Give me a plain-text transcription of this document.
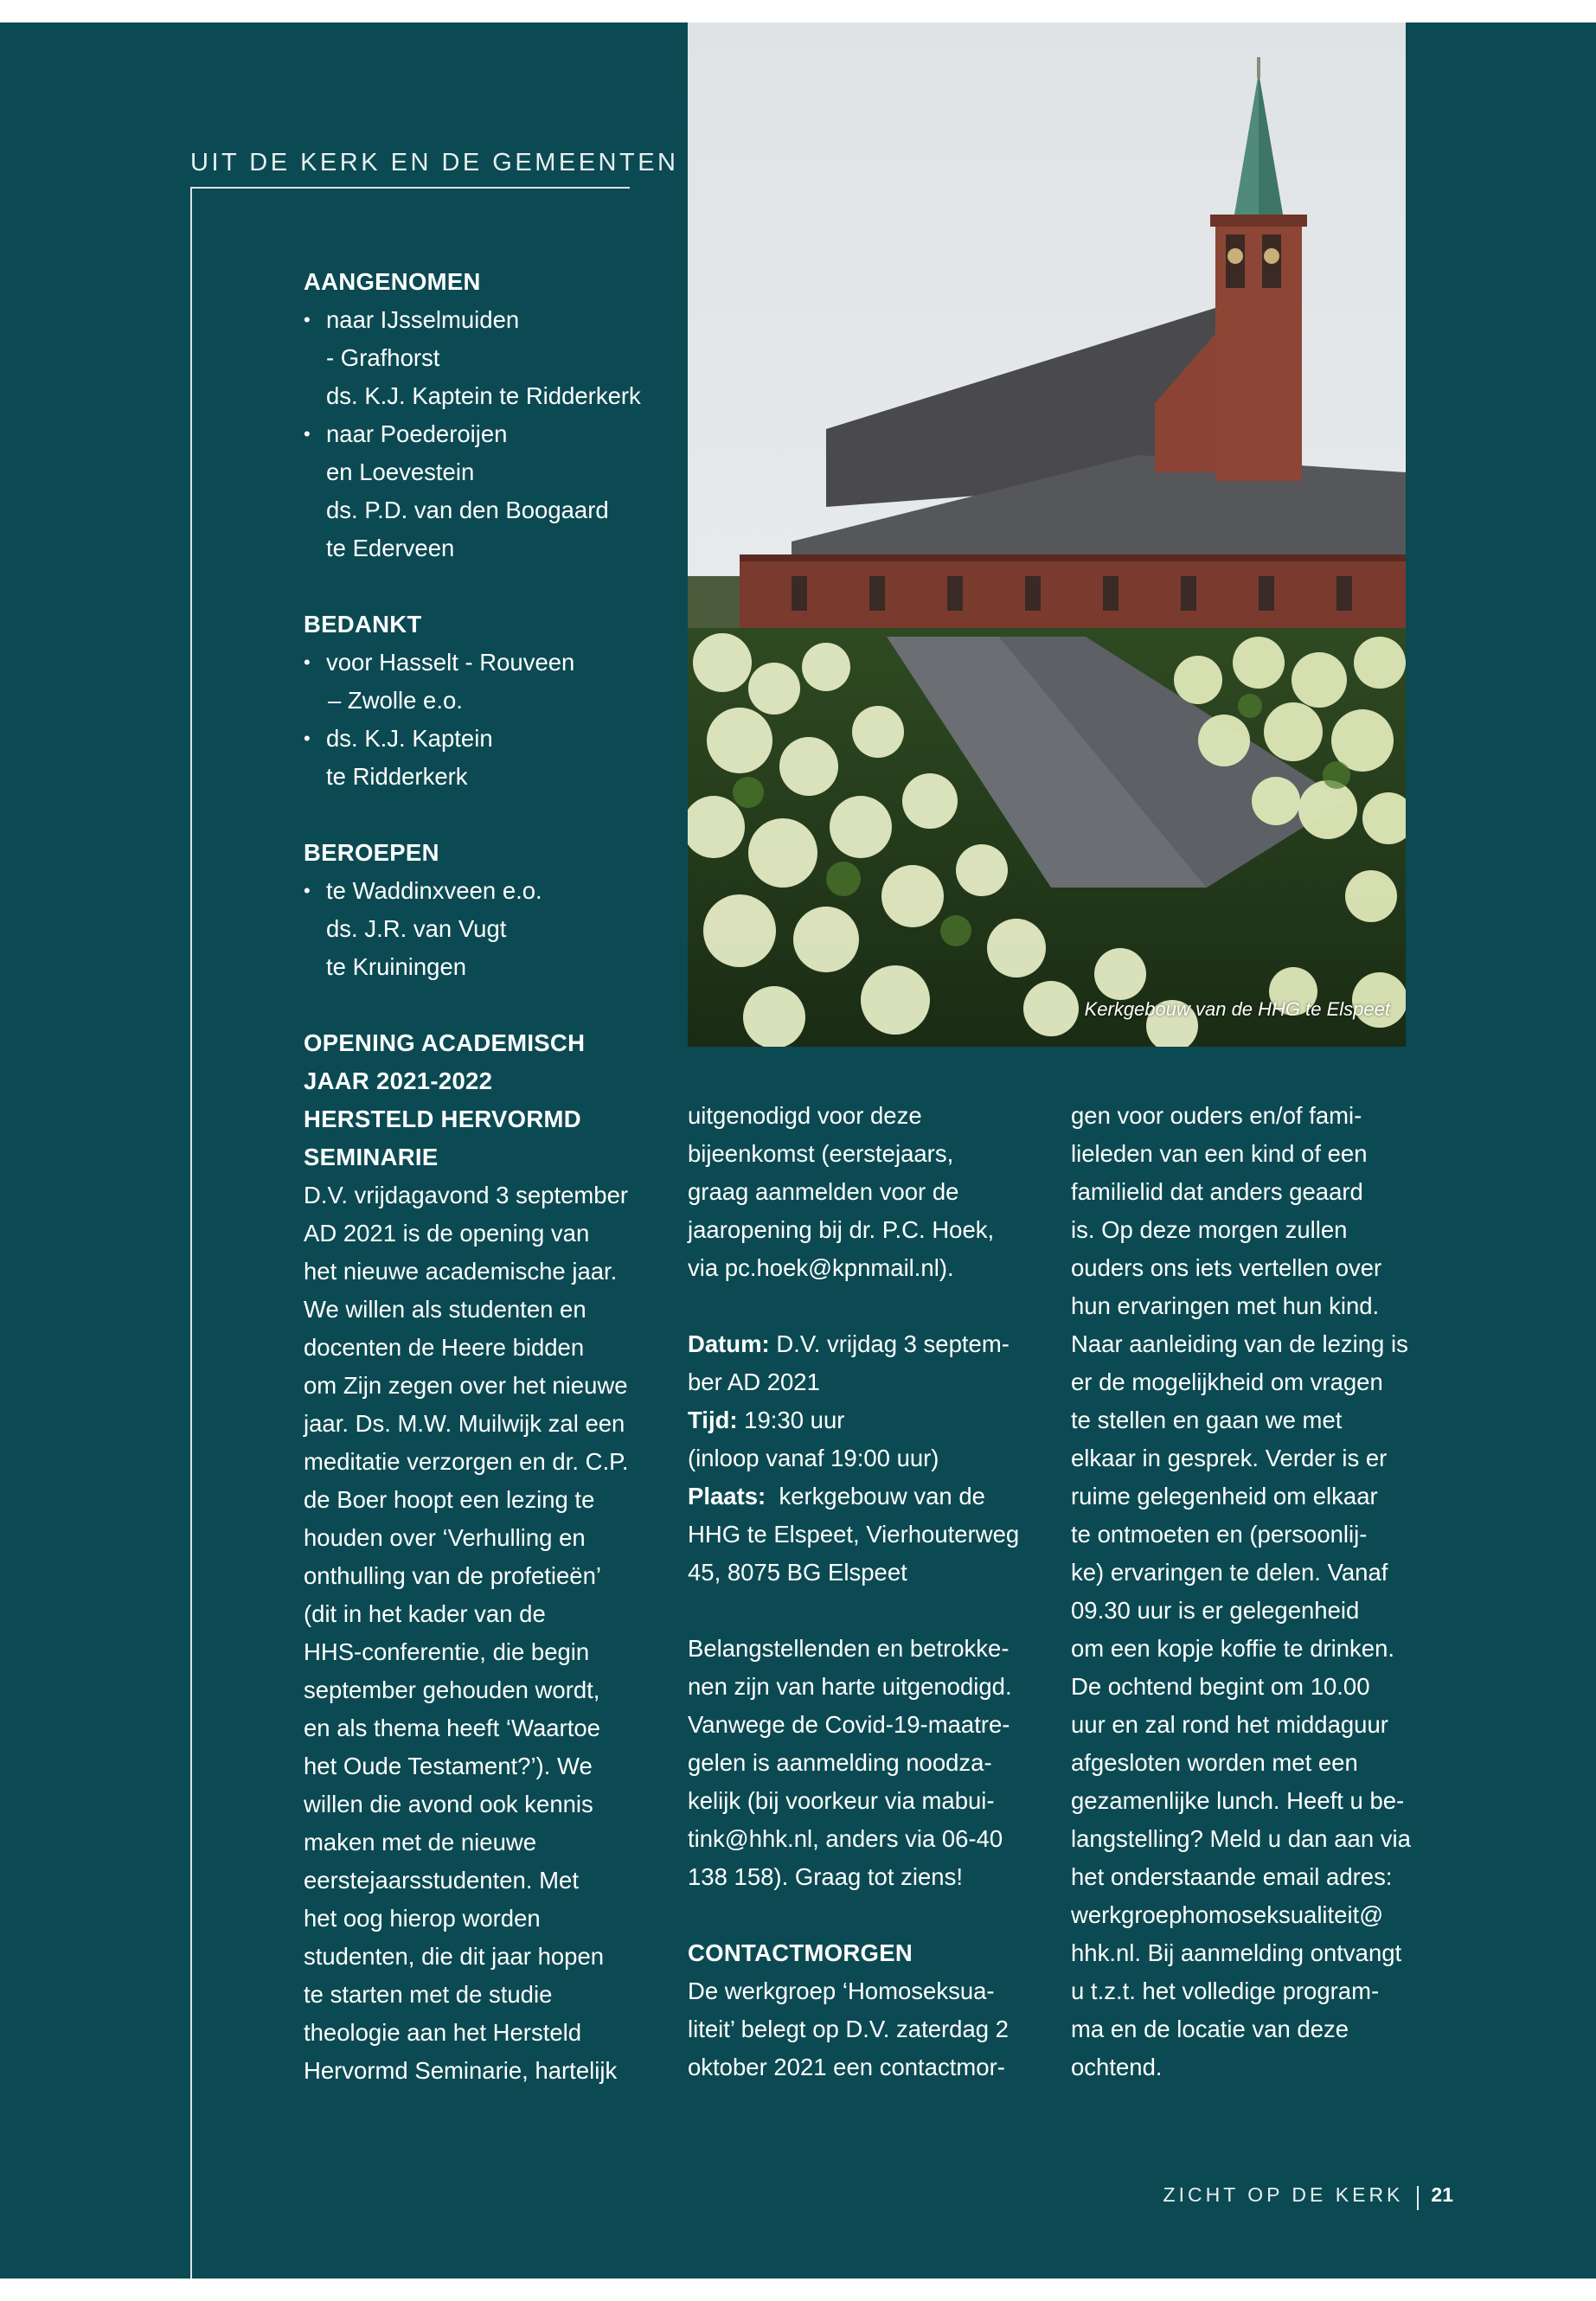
UIT DE KERK EN DE GEMEENTEN

AANGENOMEN

• naar IJsselmuiden

- Grafhorst

ds. K.J. Kaptein te Ridderkerk

• naar Poederoijen

en Loevestein

ds. P.D. van den Boogaard

te Ederveen

BEDANKT

• voor Hasselt - Rouveen

– Zwolle e.o.

• ds. K.J. Kaptein

te Ridderkerk

BEROEPEN

• te Waddinxveen e.o.

ds. J.R. van Vugt

te Kruiningen

OPENING ACADEMISCH

JAAR 2021-2022

HERSTELD HERVORMD

SEMINARIE

D.V. vrijdagavond 3 september

AD 2021 is de opening van

het nieuwe academische jaar.

We willen als studenten en

docenten de Heere bidden

om Zijn zegen over het nieuwe

jaar. Ds. M.W. Muilwijk zal een

meditatie verzorgen en dr. C.P.

de Boer hoopt een lezing te

houden over ‘Verhulling en

onthulling van de profetieën’

(dit in het kader van de

HHS-conferentie, die begin

september gehouden wordt,

en als thema heeft ‘Waartoe

het Oude Testament?’). We

willen die avond ook kennis

maken met de nieuwe

eerstejaarsstudenten. Met

het oog hierop worden

studenten, die dit jaar hopen

te starten met de studie

theologie aan het Hersteld

Hervormd Seminarie, hartelijk

Kerkgebouw van de HHG te Elspeet

uitgenodigd voor deze

bijeenkomst (eerstejaars,

graag aanmelden voor de

jaaropening bij dr. P.C. Hoek,

via pc.hoek@kpnmail.nl).

Datum: D.V. vrijdag 3 septem-

ber AD 2021

Tijd: 19:30 uur

(inloop vanaf 19:00 uur)

Plaats:  kerkgebouw van de

HHG te Elspeet, Vierhouterweg

45, 8075 BG Elspeet

Belangstellenden en betrokke-

nen zijn van harte uitgenodigd.

Vanwege de Covid-19-maatre-

gelen is aanmelding noodza-

kelijk (bij voorkeur via mabui-

tink@hhk.nl, anders via 06-40

138 158). Graag tot ziens!

CONTACTMORGEN

De werkgroep ‘Homoseksua-

liteit’ belegt op D.V. zaterdag 2

oktober 2021 een contactmor-

gen voor ouders en/of fami-

lieleden van een kind of een

familielid dat anders geaard

is. Op deze morgen zullen

ouders ons iets vertellen over

hun ervaringen met hun kind.

Naar aanleiding van de lezing is

er de mogelijkheid om vragen

te stellen en gaan we met

elkaar in gesprek. Verder is er

ruime gelegenheid om elkaar

te ontmoeten en (persoonlij-

ke) ervaringen te delen. Vanaf

09.30 uur is er gelegenheid

om een kopje koffie te drinken.

De ochtend begint om 10.00

uur en zal rond het middaguur

afgesloten worden met een

gezamenlijke lunch. Heeft u be-

langstelling? Meld u dan aan via

het onderstaande email adres:

werkgroephomoseksualiteit@

hhk.nl. Bij aanmelding ontvangt

u t.z.t. het volledige program-

ma en de locatie van deze

ochtend.

ZICHT OP DE KERK 21
